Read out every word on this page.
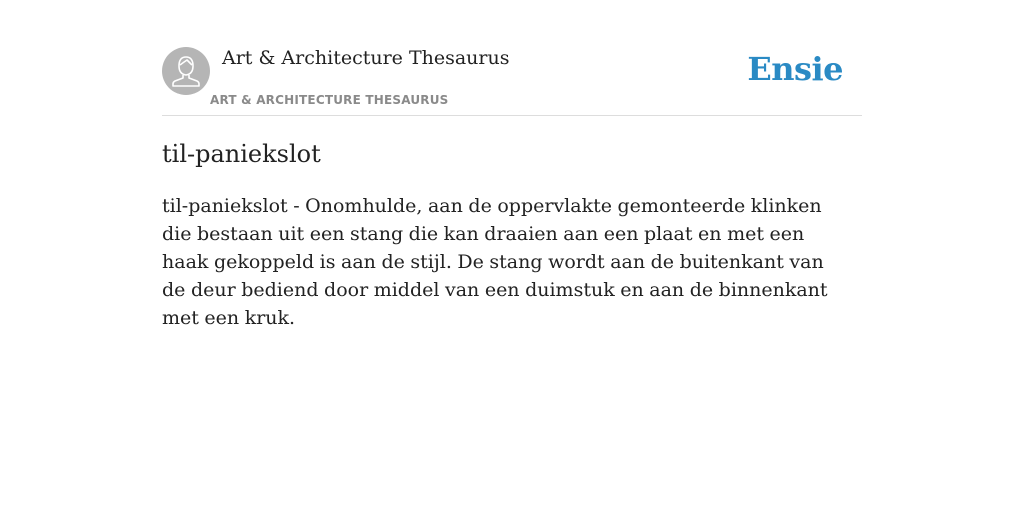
Art & Architecture Thesaurus
ART & ARCHITECTURE THESAURUS
Ensie
til-paniekslot

til-paniekslot - Onomhulde, aan de oppervlakte gemonteerde klinken die bestaan uit een stang die kan draaien aan een plaat en met een haak gekoppeld is aan de stijl. De stang wordt aan de buitenkant van de deur bediend door middel van een duimstuk en aan de binnenkant met een kruk.
